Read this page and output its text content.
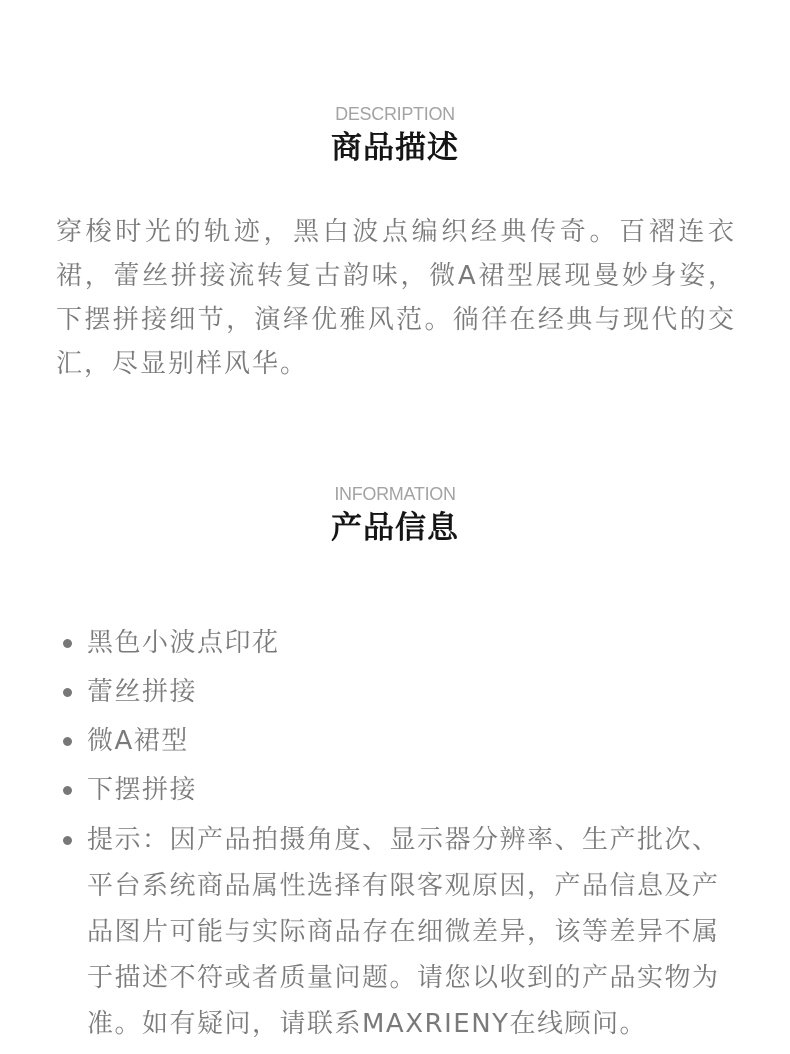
DESCRIPTION

商品描述

穿梭时光的轨迹，黑白波点编织经典传奇。百褶连衣裙，蕾丝拼接流转复古韵味，微A裙型展现曼妙身姿，下摆拼接细节，演绎优雅风范。徜徉在经典与现代的交汇，尽显别样风华。

INFORMATION

产品信息
黑色小波点印花
蕾丝拼接
微A裙型
下摆拼接
提示：因产品拍摄角度、显示器分辨率、生产批次、平台系统商品属性选择有限客观原因，产品信息及产品图片可能与实际商品存在细微差异，该等差异不属于描述不符或者质量问题。请您以收到的产品实物为准。如有疑问，请联系MAXRIENY在线顾问。
